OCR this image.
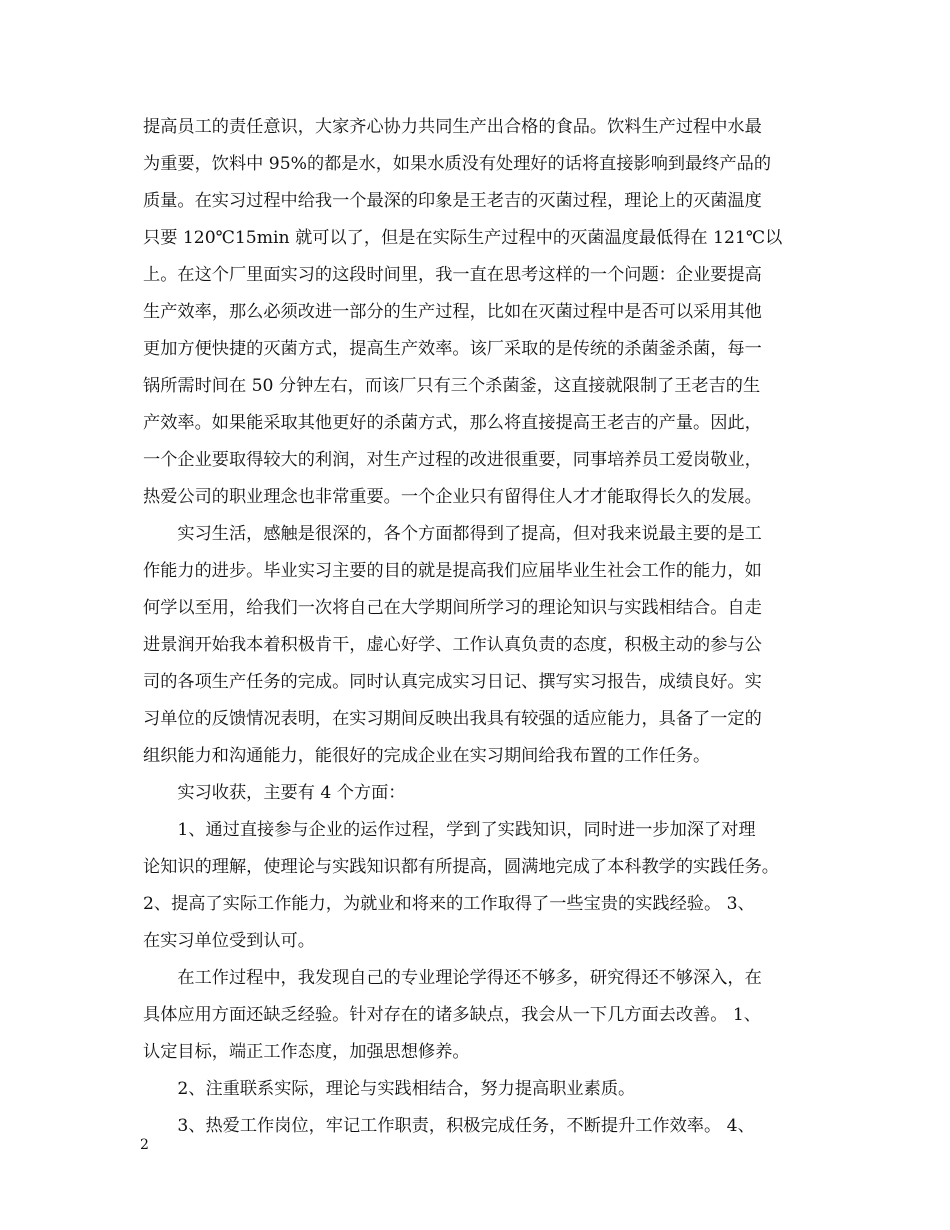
提高员工的责任意识，大家齐心协力共同生产出合格的食品。饮料生产过程中水最
为重要，饮料中 95%的都是水，如果水质没有处理好的话将直接影响到最终产品的
质量。在实习过程中给我一个最深的印象是王老吉的灭菌过程，理论上的灭菌温度
只要 120℃15min 就可以了，但是在实际生产过程中的灭菌温度最低得在 121℃以
上。在这个厂里面实习的这段时间里，我一直在思考这样的一个问题：企业要提高
生产效率，那么必须改进一部分的生产过程，比如在灭菌过程中是否可以采用其他
更加方便快捷的灭菌方式，提高生产效率。该厂采取的是传统的杀菌釜杀菌，每一
锅所需时间在 50 分钟左右，而该厂只有三个杀菌釜，这直接就限制了王老吉的生
产效率。如果能采取其他更好的杀菌方式，那么将直接提高王老吉的产量。因此，
一个企业要取得较大的利润，对生产过程的改进很重要，同事培养员工爱岗敬业，
热爱公司的职业理念也非常重要。一个企业只有留得住人才才能取得长久的发展。
　　实习生活，感触是很深的，各个方面都得到了提高，但对我来说最主要的是工
作能力的进步。毕业实习主要的目的就是提高我们应届毕业生社会工作的能力，如
何学以至用，给我们一次将自己在大学期间所学习的理论知识与实践相结合。自走
进景润开始我本着积极肯干，虚心好学、工作认真负责的态度，积极主动的参与公
司的各项生产任务的完成。同时认真完成实习日记、撰写实习报告，成绩良好。实
习单位的反馈情况表明，在实习期间反映出我具有较强的适应能力，具备了一定的
组织能力和沟通能力，能很好的完成企业在实习期间给我布置的工作任务。
　　实习收获，主要有 4 个方面：
　　1、通过直接参与企业的运作过程，学到了实践知识，同时进一步加深了对理
论知识的理解，使理论与实践知识都有所提高，圆满地完成了本科教学的实践任务。
2、提高了实际工作能力，为就业和将来的工作取得了一些宝贵的实践经验。 3、
在实习单位受到认可。
　　在工作过程中，我发现自己的专业理论学得还不够多，研究得还不够深入，在
具体应用方面还缺乏经验。针对存在的诸多缺点，我会从一下几方面去改善。 1、
认定目标，端正工作态度，加强思想修养。
　　2、注重联系实际，理论与实践相结合，努力提高职业素质。
　　3、热爱工作岗位，牢记工作职责，积极完成任务，不断提升工作效率。 4、
2
